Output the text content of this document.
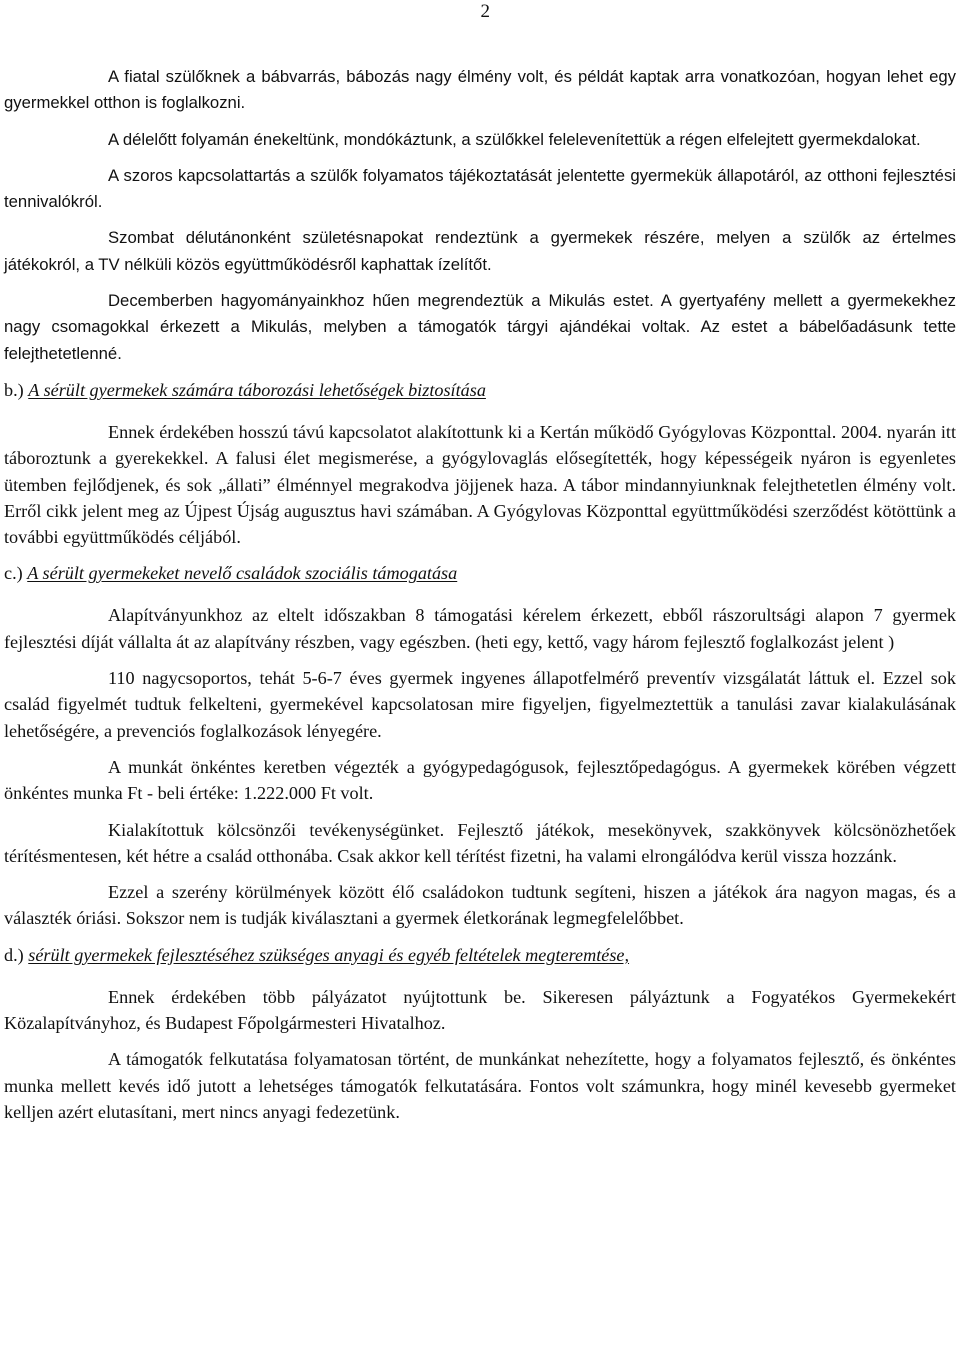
2

A fiatal szülőknek a bábvarrás, bábozás nagy élmény volt, és példát kaptak arra vonatkozóan, hogyan lehet egy gyermekkel otthon is foglalkozni.

A délelőtt folyamán énekeltünk, mondókáztunk, a szülőkkel felelevenítettük a régen elfelejtett gyermekdalokat.

A szoros kapcsolattartás a szülők folyamatos tájékoztatását jelentette gyermekük állapotáról, az otthoni fejlesztési tennivalókról.

Szombat délutánonként születésnapokat rendeztünk a gyermekek részére, melyen a szülők az értelmes játékokról, a TV nélküli közös együttműködésről kaphattak ízelítőt.

Decemberben hagyományainkhoz hűen megrendeztük a Mikulás estet. A gyertyafény mellett a gyermekekhez nagy csomagokkal érkezett a Mikulás, melyben a támogatók tárgyi ajándékai voltak. Az estet a bábelőadásunk tette felejthetetlenné.

b.) A sérült gyermekek számára táborozási lehetőségek biztosítása

Ennek érdekében hosszú távú kapcsolatot alakítottunk ki a Kertán működő Gyógylovas Központtal. 2004. nyarán itt táboroztunk a gyerekekkel. A falusi élet megismerése, a gyógylovaglás elősegítették, hogy képességeik nyáron is egyenletes ütemben fejlődjenek, és sok „állati” élménnyel megrakodva jöjjenek haza. A tábor mindannyiunknak felejthetetlen élmény volt. Erről cikk jelent meg az Újpest Újság augusztus havi számában. A Gyógylovas Központtal együttműködési szerződést kötöttünk a további együttműködés céljából.

c.) A sérült gyermekeket nevelő családok szociális támogatása

Alapítványunkhoz az eltelt időszakban 8 támogatási kérelem érkezett, ebből rászorultsági alapon 7 gyermek fejlesztési díját vállalta át az alapítvány részben, vagy egészben. (heti egy, kettő, vagy három fejlesztő foglalkozást jelent )

110 nagycsoportos, tehát 5-6-7 éves gyermek ingyenes állapotfelmérő preventív vizsgálatát láttuk el. Ezzel sok család figyelmét tudtuk felkelteni, gyermekével kapcsolatosan mire figyeljen, figyelmeztettük a tanulási zavar kialakulásának lehetőségére, a prevenciós foglalkozások lényegére.

A munkát önkéntes keretben végezték a gyógypedagógusok, fejlesztőpedagógus. A gyermekek körében végzett önkéntes munka Ft - beli értéke: 1.222.000 Ft volt.

Kialakítottuk kölcsönzői tevékenységünket. Fejlesztő játékok, mesekönyvek, szakkönyvek kölcsönözhetőek térítésmentesen, két hétre a család otthonába. Csak akkor kell térítést fizetni, ha valami elrongálódva kerül vissza hozzánk.

Ezzel a szerény körülmények között élő családokon tudtunk segíteni, hiszen a játékok ára nagyon magas, és a választék óriási. Sokszor nem is tudják kiválasztani a gyermek életkorának legmegfelelőbbet.

d.) sérült gyermekek fejlesztéséhez szükséges anyagi és egyéb feltételek megteremtése,

Ennek érdekében több pályázatot nyújtottunk be. Sikeresen pályáztunk a Fogyatékos Gyermekekért Közalapítványhoz, és Budapest Főpolgármesteri Hivatalhoz.

A támogatók felkutatása folyamatosan történt, de munkánkat nehezítette, hogy a folyamatos fejlesztő, és önkéntes munka mellett kevés idő jutott a lehetséges támogatók felkutatására. Fontos volt számunkra, hogy minél kevesebb gyermeket kelljen azért elutasítani, mert nincs anyagi fedezetünk.
